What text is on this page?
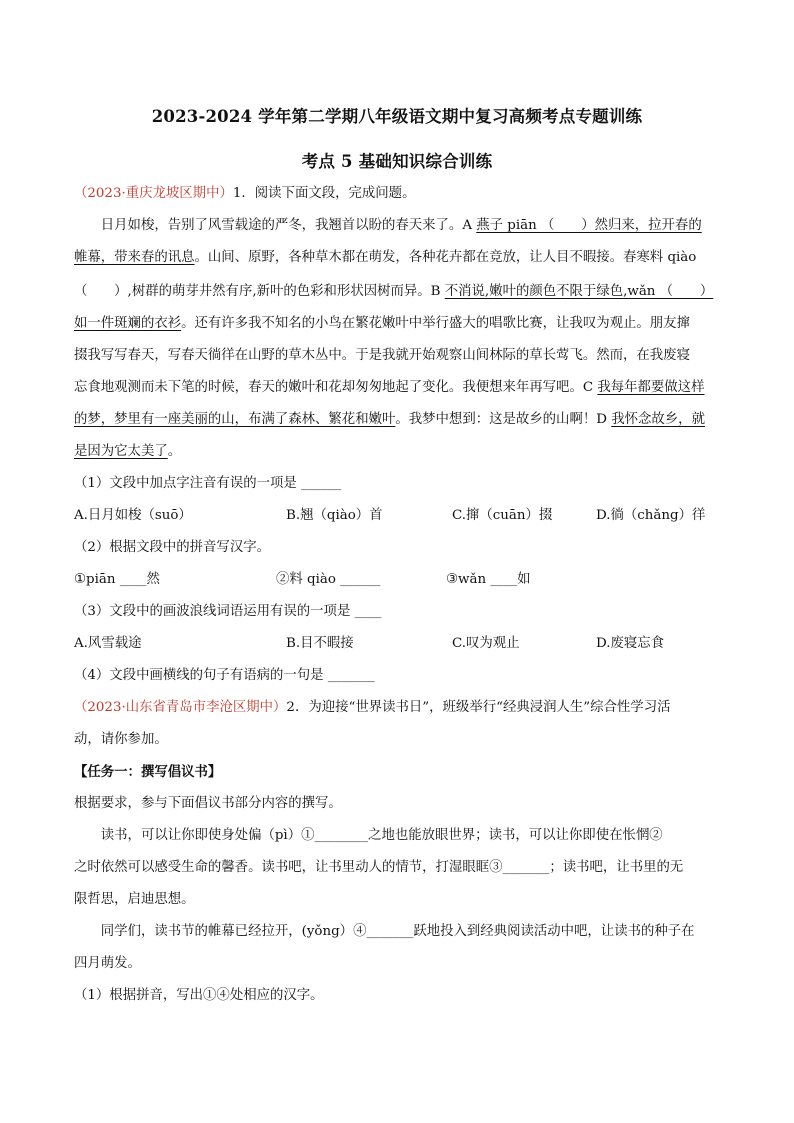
2023-2024 学年第二学期八年级语文期中复习高频考点专题训练
考点 5 基础知识综合训练
（2023·重庆龙坡区期中）1．阅读下面文段，完成问题。
　　日月如梭，告别了风雪载途的严冬，我翘首以盼的春天来了。A 燕子 piān （　　）然归来，拉开春的
帷幕，带来春的讯息。山间、原野，各种草木都在萌发，各种花卉都在竞放，让人目不暇接。春寒料 qiào
（　　）,树群的萌芽井然有序,新叶的色彩和形状因树而异。B 不消说,嫩叶的颜色不限于绿色,wǎn （　　）
如一件斑斓的衣衫。还有许多我不知名的小鸟在繁花嫩叶中举行盛大的唱歌比赛，让我叹为观止。朋友撺
掇我写写春天，写春天徜徉在山野的草木丛中。于是我就开始观察山间林际的草长莺飞。然而，在我废寝
忘食地观测而未下笔的时候，春天的嫩叶和花却匆匆地起了变化。我便想来年再写吧。C 我每年都要做这样
的梦，梦里有一座美丽的山，布满了森林、繁花和嫩叶。我梦中想到：这是故乡的山啊！D 我怀念故乡，就
是因为它太美了。
（1）文段中加点字注音有误的一项是 ______
A.日月如梭（suō）	B.翘（qiào）首	C.撺（cuān）掇	D.徜（chǎng）徉
（2）根据文段中的拼音写汉字。
①piān ____然	②料 qiào ______	③wǎn ____如
（3）文段中的画波浪线词语运用有误的一项是 ____
A.风雪载途	B.目不暇接	C.叹为观止	D.废寝忘食
（4）文段中画横线的句子有语病的一句是 _______
（2023·山东省青岛市李沧区期中）2．为迎接“世界读书日”，班级举行“经典浸润人生”综合性学习活
动，请你参加。
【任务一：撰写倡议书】
根据要求，参与下面倡议书部分内容的撰写。
　　读书，可以让你即使身处偏（pì）①________之地也能放眼世界；读书，可以让你即使在怅惘②
之时依然可以感受生命的馨香。读书吧，让书里动人的情节，打湿眼眶③_______；读书吧，让书里的无
限哲思，启迪思想。
　　同学们，读书节的帷幕已经拉开，(yǒng）④_______跃地投入到经典阅读活动中吧，让读书的种子在
四月萌发。
（1）根据拼音，写出①④处相应的汉字。
